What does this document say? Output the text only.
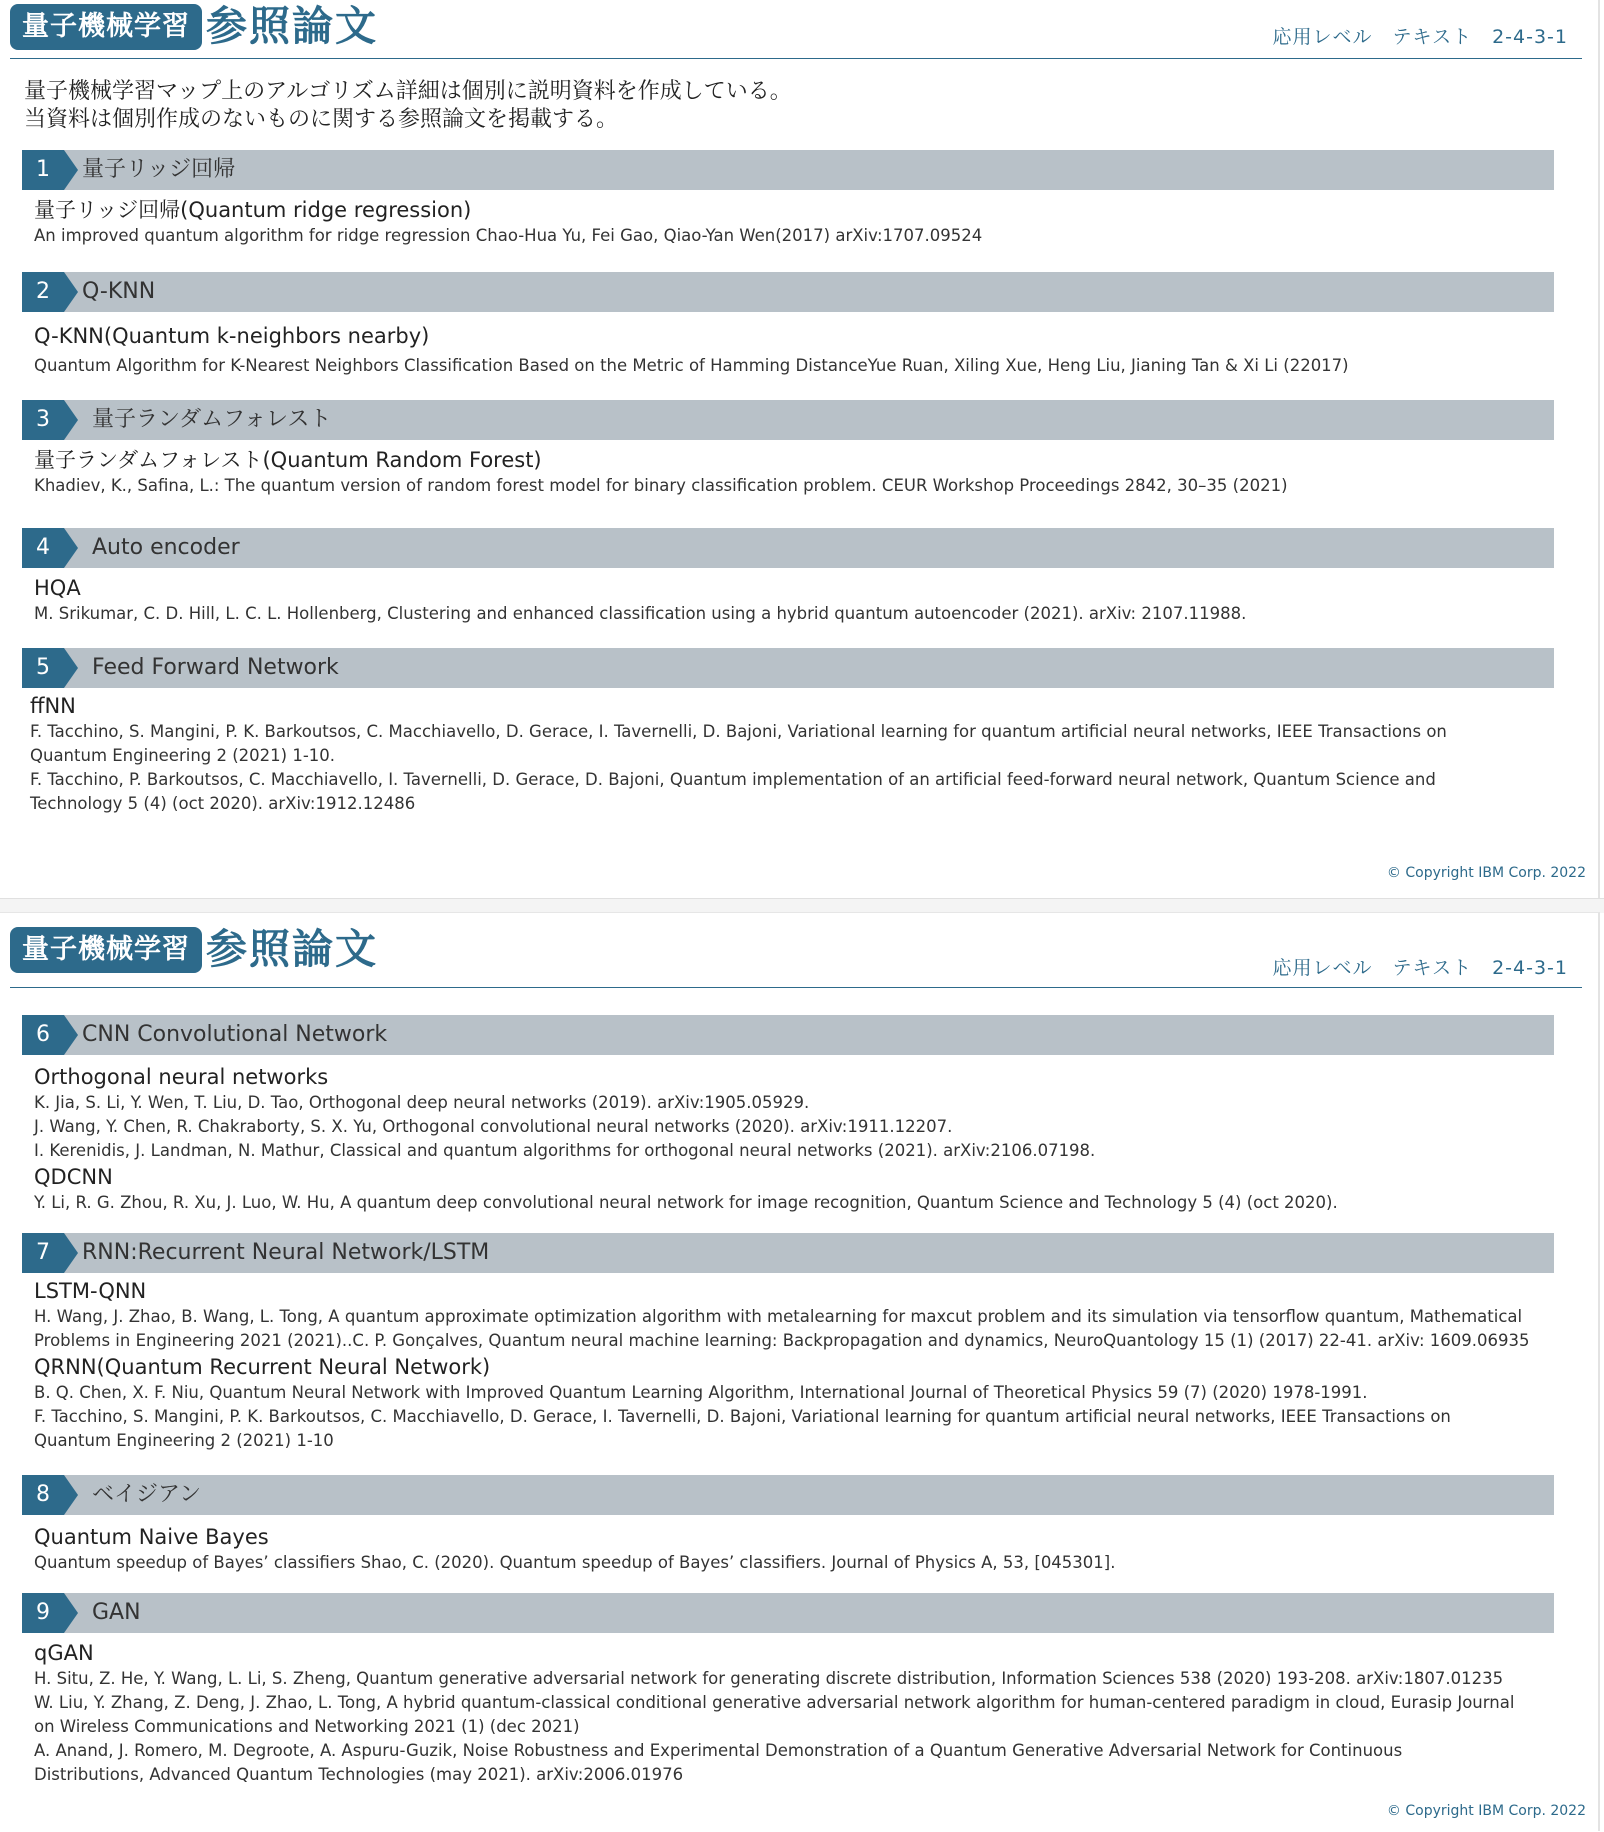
量子機械学習 参照論文	応用レベル　テキスト　2-4-3-1
量子機械学習マップ上のアルゴリズム詳細は個別に説明資料を作成している。
当資料は個別作成のないものに関する参照論文を掲載する。
1	量子リッジ回帰
量子リッジ回帰(Quantum ridge regression)
An improved quantum algorithm for ridge regression Chao-Hua Yu, Fei Gao, Qiao-Yan Wen(2017) arXiv:1707.09524
2	Q-KNN
Q-KNN(Quantum k-neighbors nearby)
Quantum Algorithm for K-Nearest Neighbors Classification Based on the Metric of Hamming DistanceYue Ruan, Xiling Xue, Heng Liu, Jianing Tan & Xi Li (22017)
3	量子ランダムフォレスト
量子ランダムフォレスト(Quantum Random Forest)
Khadiev, K., Safina, L.: The quantum version of random forest model for binary classification problem. CEUR Workshop Proceedings 2842, 30–35 (2021)
4	Auto encoder
HQA
M. Srikumar, C. D. Hill, L. C. L. Hollenberg, Clustering and enhanced classification using a hybrid quantum autoencoder (2021). arXiv: 2107.11988.
5	Feed Forward Network
ffNN
F. Tacchino, S. Mangini, P. K. Barkoutsos, C. Macchiavello, D. Gerace, I. Tavernelli, D. Bajoni, Variational learning for quantum artificial neural networks, IEEE Transactions on
Quantum Engineering 2 (2021) 1-10.
F. Tacchino, P. Barkoutsos, C. Macchiavello, I. Tavernelli, D. Gerace, D. Bajoni, Quantum implementation of an artificial feed-forward neural network, Quantum Science and
Technology 5 (4) (oct 2020). arXiv:1912.12486
© Copyright IBM Corp. 2022
量子機械学習 参照論文	応用レベル　テキスト　2-4-3-1
6	CNN Convolutional Network
Orthogonal neural networks
K. Jia, S. Li, Y. Wen, T. Liu, D. Tao, Orthogonal deep neural networks (2019). arXiv:1905.05929.
J. Wang, Y. Chen, R. Chakraborty, S. X. Yu, Orthogonal convolutional neural networks (2020). arXiv:1911.12207.
I. Kerenidis, J. Landman, N. Mathur, Classical and quantum algorithms for orthogonal neural networks (2021). arXiv:2106.07198.
QDCNN
Y. Li, R. G. Zhou, R. Xu, J. Luo, W. Hu, A quantum deep convolutional neural network for image recognition, Quantum Science and Technology 5 (4) (oct 2020).
7	RNN:Recurrent Neural Network/LSTM
LSTM-QNN
H. Wang, J. Zhao, B. Wang, L. Tong, A quantum approximate optimization algorithm with metalearning for maxcut problem and its simulation via tensorflow quantum, Mathematical
Problems in Engineering 2021 (2021)..C. P. Gonçalves, Quantum neural machine learning: Backpropagation and dynamics, NeuroQuantology 15 (1) (2017) 22-41. arXiv: 1609.06935
QRNN(Quantum Recurrent Neural Network)
B. Q. Chen, X. F. Niu, Quantum Neural Network with Improved Quantum Learning Algorithm, International Journal of Theoretical Physics 59 (7) (2020) 1978-1991.
F. Tacchino, S. Mangini, P. K. Barkoutsos, C. Macchiavello, D. Gerace, I. Tavernelli, D. Bajoni, Variational learning for quantum artificial neural networks, IEEE Transactions on
Quantum Engineering 2 (2021) 1-10
8	ベイジアン
Quantum Naive Bayes
Quantum speedup of Bayes’ classifiers Shao, C. (2020). Quantum speedup of Bayes’ classifiers. Journal of Physics A, 53, [045301].
9	GAN
qGAN
H. Situ, Z. He, Y. Wang, L. Li, S. Zheng, Quantum generative adversarial network for generating discrete distribution, Information Sciences 538 (2020) 193-208. arXiv:1807.01235
W. Liu, Y. Zhang, Z. Deng, J. Zhao, L. Tong, A hybrid quantum-classical conditional generative adversarial network algorithm for human-centered paradigm in cloud, Eurasip Journal
on Wireless Communications and Networking 2021 (1) (dec 2021)
A. Anand, J. Romero, M. Degroote, A. Aspuru-Guzik, Noise Robustness and Experimental Demonstration of a Quantum Generative Adversarial Network for Continuous
Distributions, Advanced Quantum Technologies (may 2021). arXiv:2006.01976
© Copyright IBM Corp. 2022
